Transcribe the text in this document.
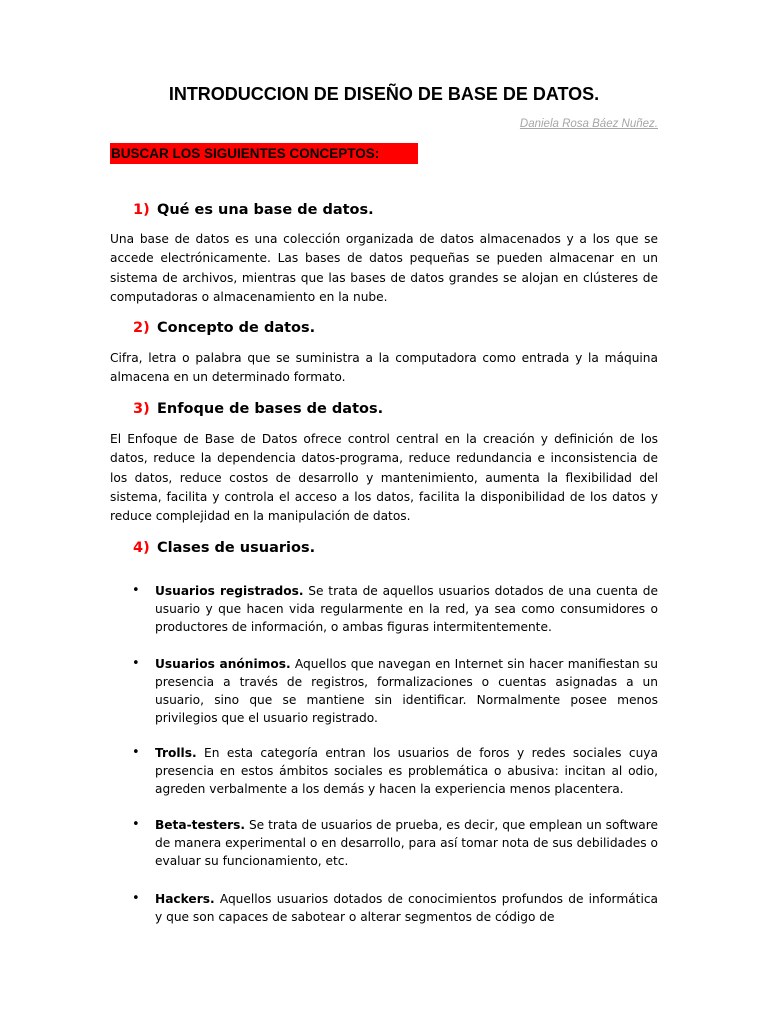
INTRODUCCION DE DISEÑO DE BASE DE DATOS.
Daniela Rosa Báez Nuñez.
BUSCAR LOS SIGUIENTES CONCEPTOS:
1) Qué es una base de datos.

Una base de datos es una colección organizada de datos almacenados y a los que se accede electrónicamente. Las bases de datos pequeñas se pueden almacenar en un sistema de archivos, mientras que las bases de datos grandes se alojan en clústeres de computadoras o almacenamiento en la nube.

2) Concepto de datos.

Cifra, letra o palabra que se suministra a la computadora como entrada y la máquina almacena en un determinado formato.

3) Enfoque de bases de datos.

El Enfoque de Base de Datos ofrece control central en la creación y definición de los datos, reduce la dependencia datos-programa, reduce redundancia e inconsistencia de los datos, reduce costos de desarrollo y mantenimiento, aumenta la flexibilidad del sistema, facilita y controla el acceso a los datos, facilita la disponibilidad de los datos y reduce complejidad en la manipulación de datos.

4) Clases de usuarios.
•	Usuarios registrados. Se trata de aquellos usuarios dotados de una cuenta de usuario y que hacen vida regularmente en la red, ya sea como consumidores o productores de información, o ambas figuras intermitentemente.

•	Usuarios anónimos. Aquellos que navegan en Internet sin hacer manifiestan su presencia a través de registros, formalizaciones o cuentas asignadas a un usuario, sino que se mantiene sin identificar. Normalmente posee menos privilegios que el usuario registrado.

•	Trolls. En esta categoría entran los usuarios de foros y redes sociales cuya presencia en estos ámbitos sociales es problemática o abusiva: incitan al odio, agreden verbalmente a los demás y hacen la experiencia menos placentera.

•	Beta-testers. Se trata de usuarios de prueba, es decir, que emplean un software de manera experimental o en desarrollo, para así tomar nota de sus debilidades o evaluar su funcionamiento, etc.

•	Hackers. Aquellos usuarios dotados de conocimientos profundos de informática y que son capaces de sabotear o alterar segmentos de código de
